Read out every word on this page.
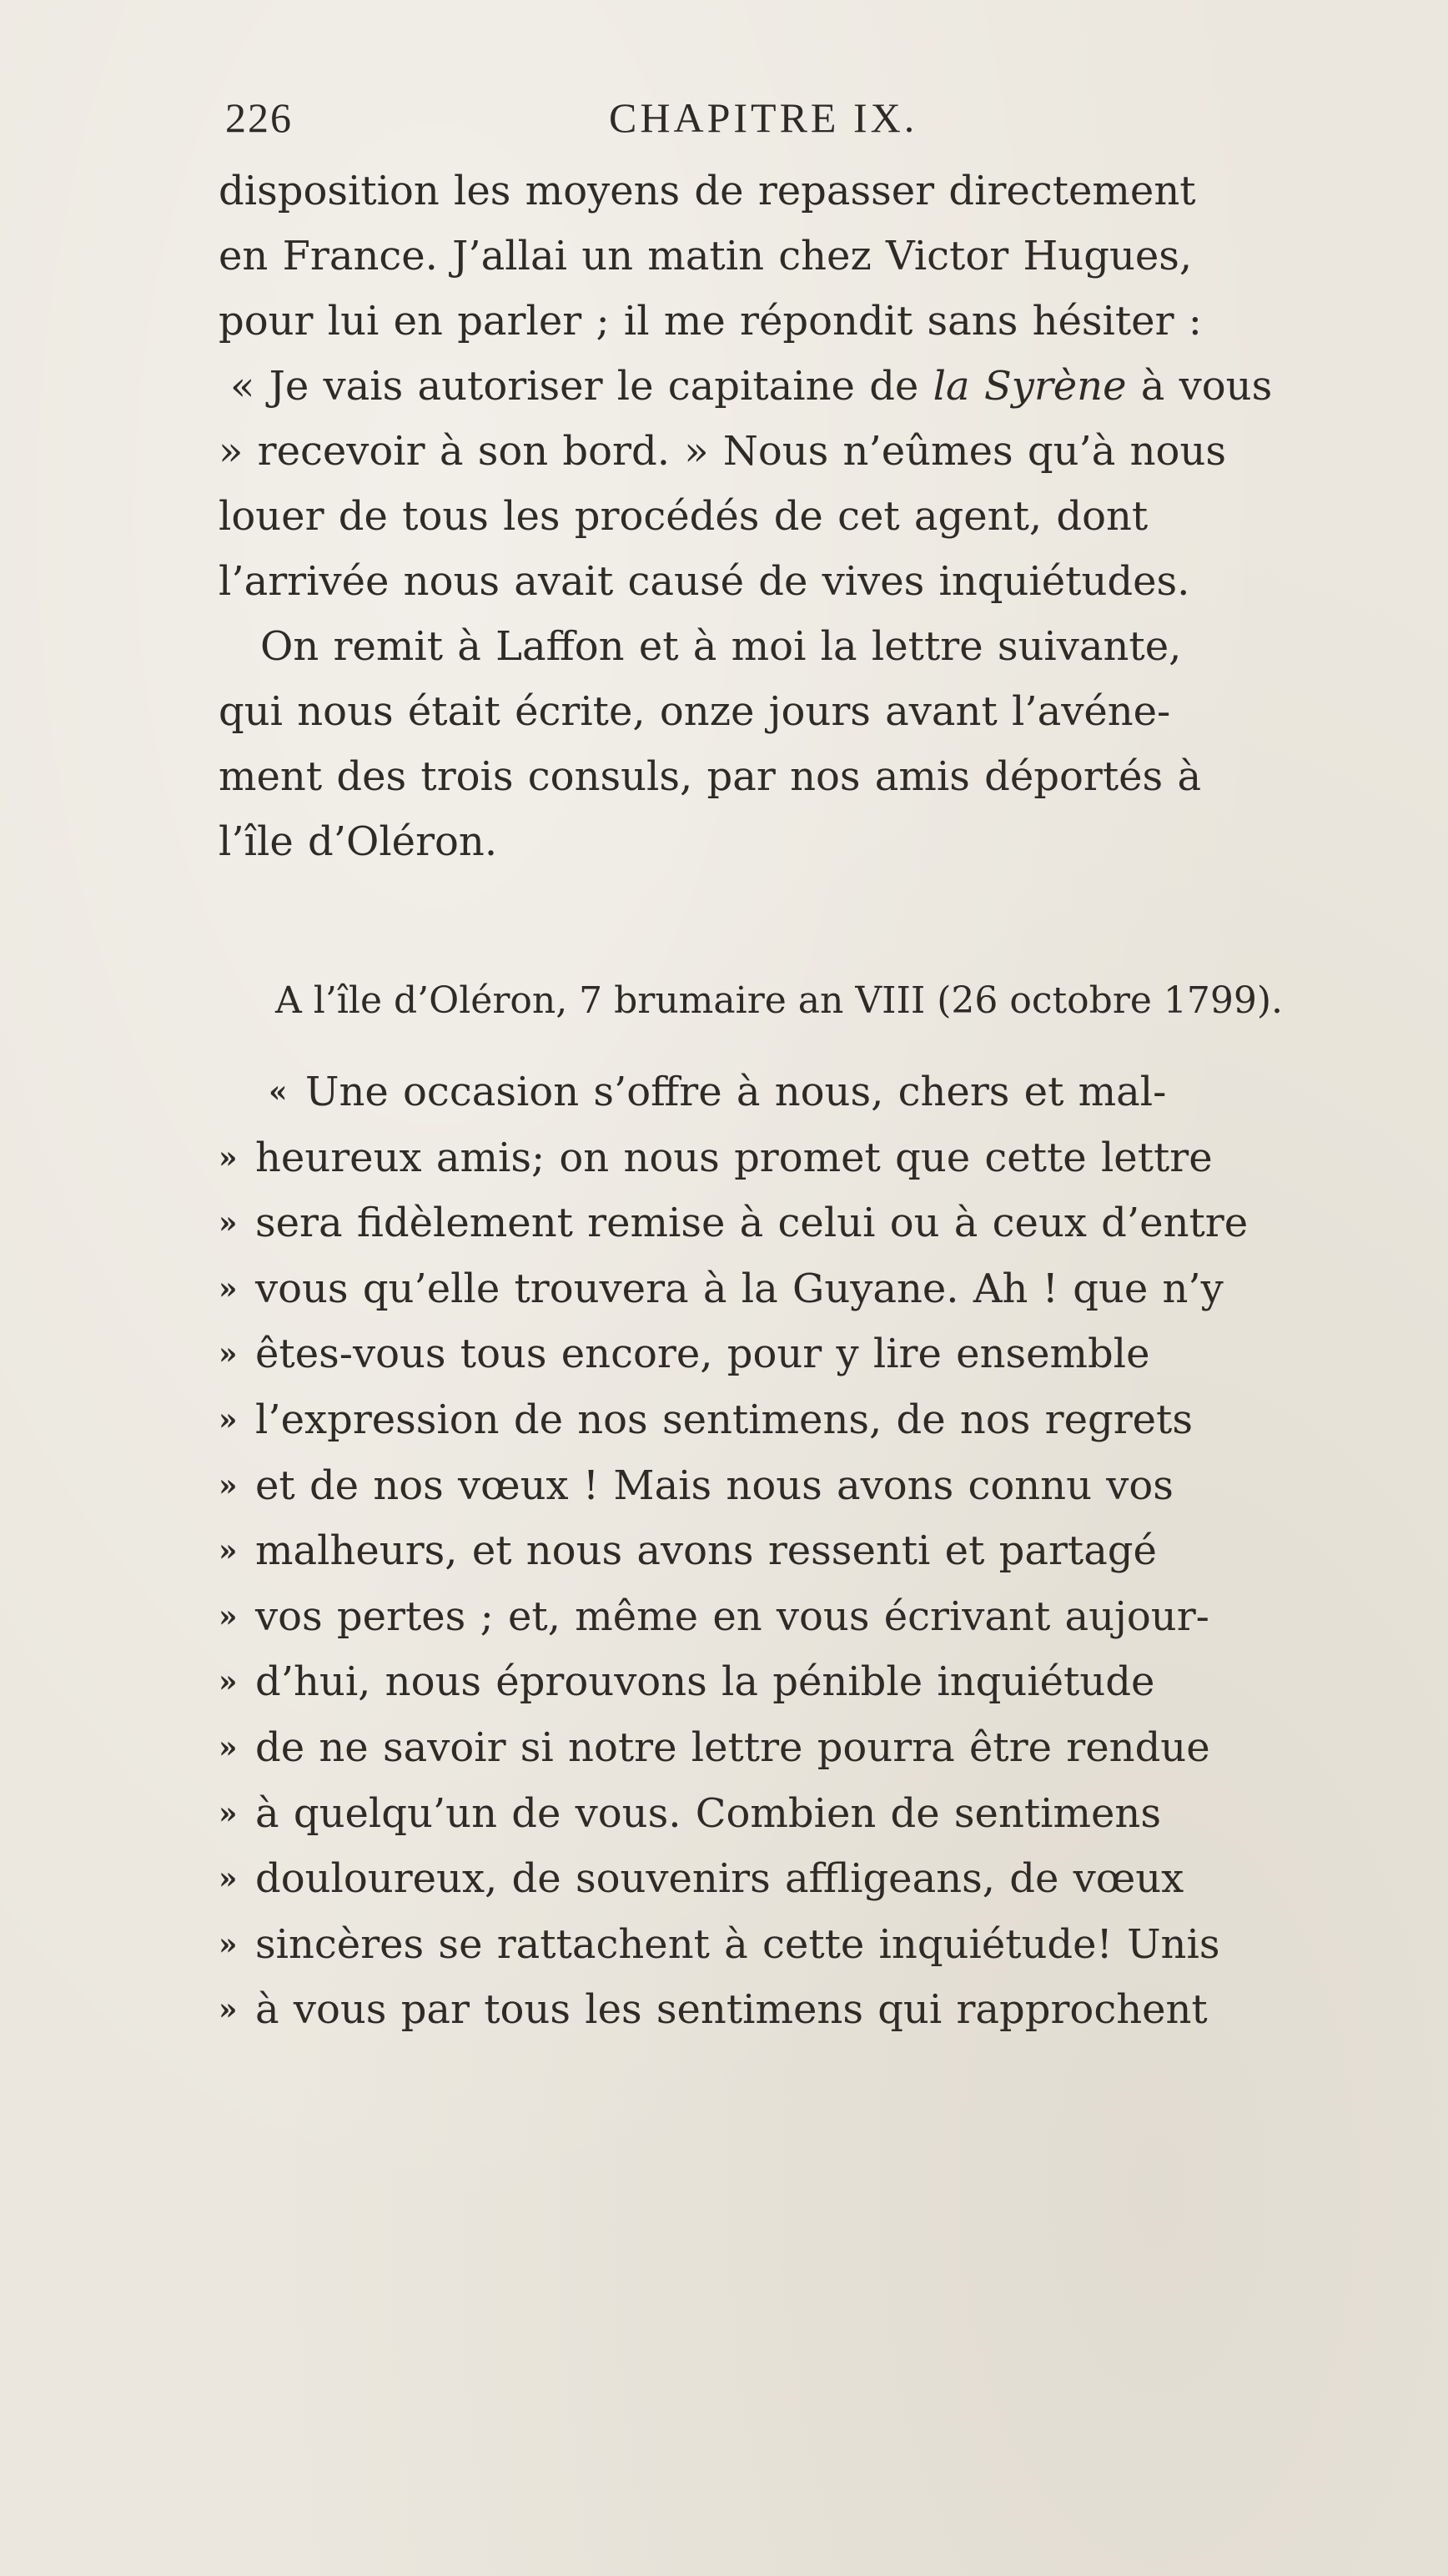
226	CHAPITRE IX.
disposition les moyens de repasser directement
en France. J’allai un matin chez Victor Hugues,
pour lui en parler ; il me répondit sans hésiter :
« Je vais autoriser le capitaine de la Syrène à vous
» recevoir à son bord. » Nous n’eûmes qu’à nous
louer de tous les procédés de cet agent, dont
l’arrivée nous avait causé de vives inquiétudes.
On remit à Laffon et à moi la lettre suivante,
qui nous était écrite, onze jours avant l’avéne-
ment des trois consuls, par nos amis déportés à
l’île d’Oléron.
A l’île d’Oléron, 7 brumaire an VIII (26 octobre 1799).
« Une occasion s’offre à nous, chers et mal-
» heureux amis; on nous promet que cette lettre
» sera fidèlement remise à celui ou à ceux d’entre
» vous qu’elle trouvera à la Guyane. Ah ! que n’y
» êtes-vous tous encore, pour y lire ensemble
» l’expression de nos sentimens, de nos regrets
» et de nos vœux ! Mais nous avons connu vos
» malheurs, et nous avons ressenti et partagé
» vos pertes ; et, même en vous écrivant aujour-
» d’hui, nous éprouvons la pénible inquiétude
» de ne savoir si notre lettre pourra être rendue
» à quelqu’un de vous. Combien de sentimens
» douloureux, de souvenirs affligeans, de vœux
» sincères se rattachent à cette inquiétude! Unis
» à vous par tous les sentimens qui rapprochent
